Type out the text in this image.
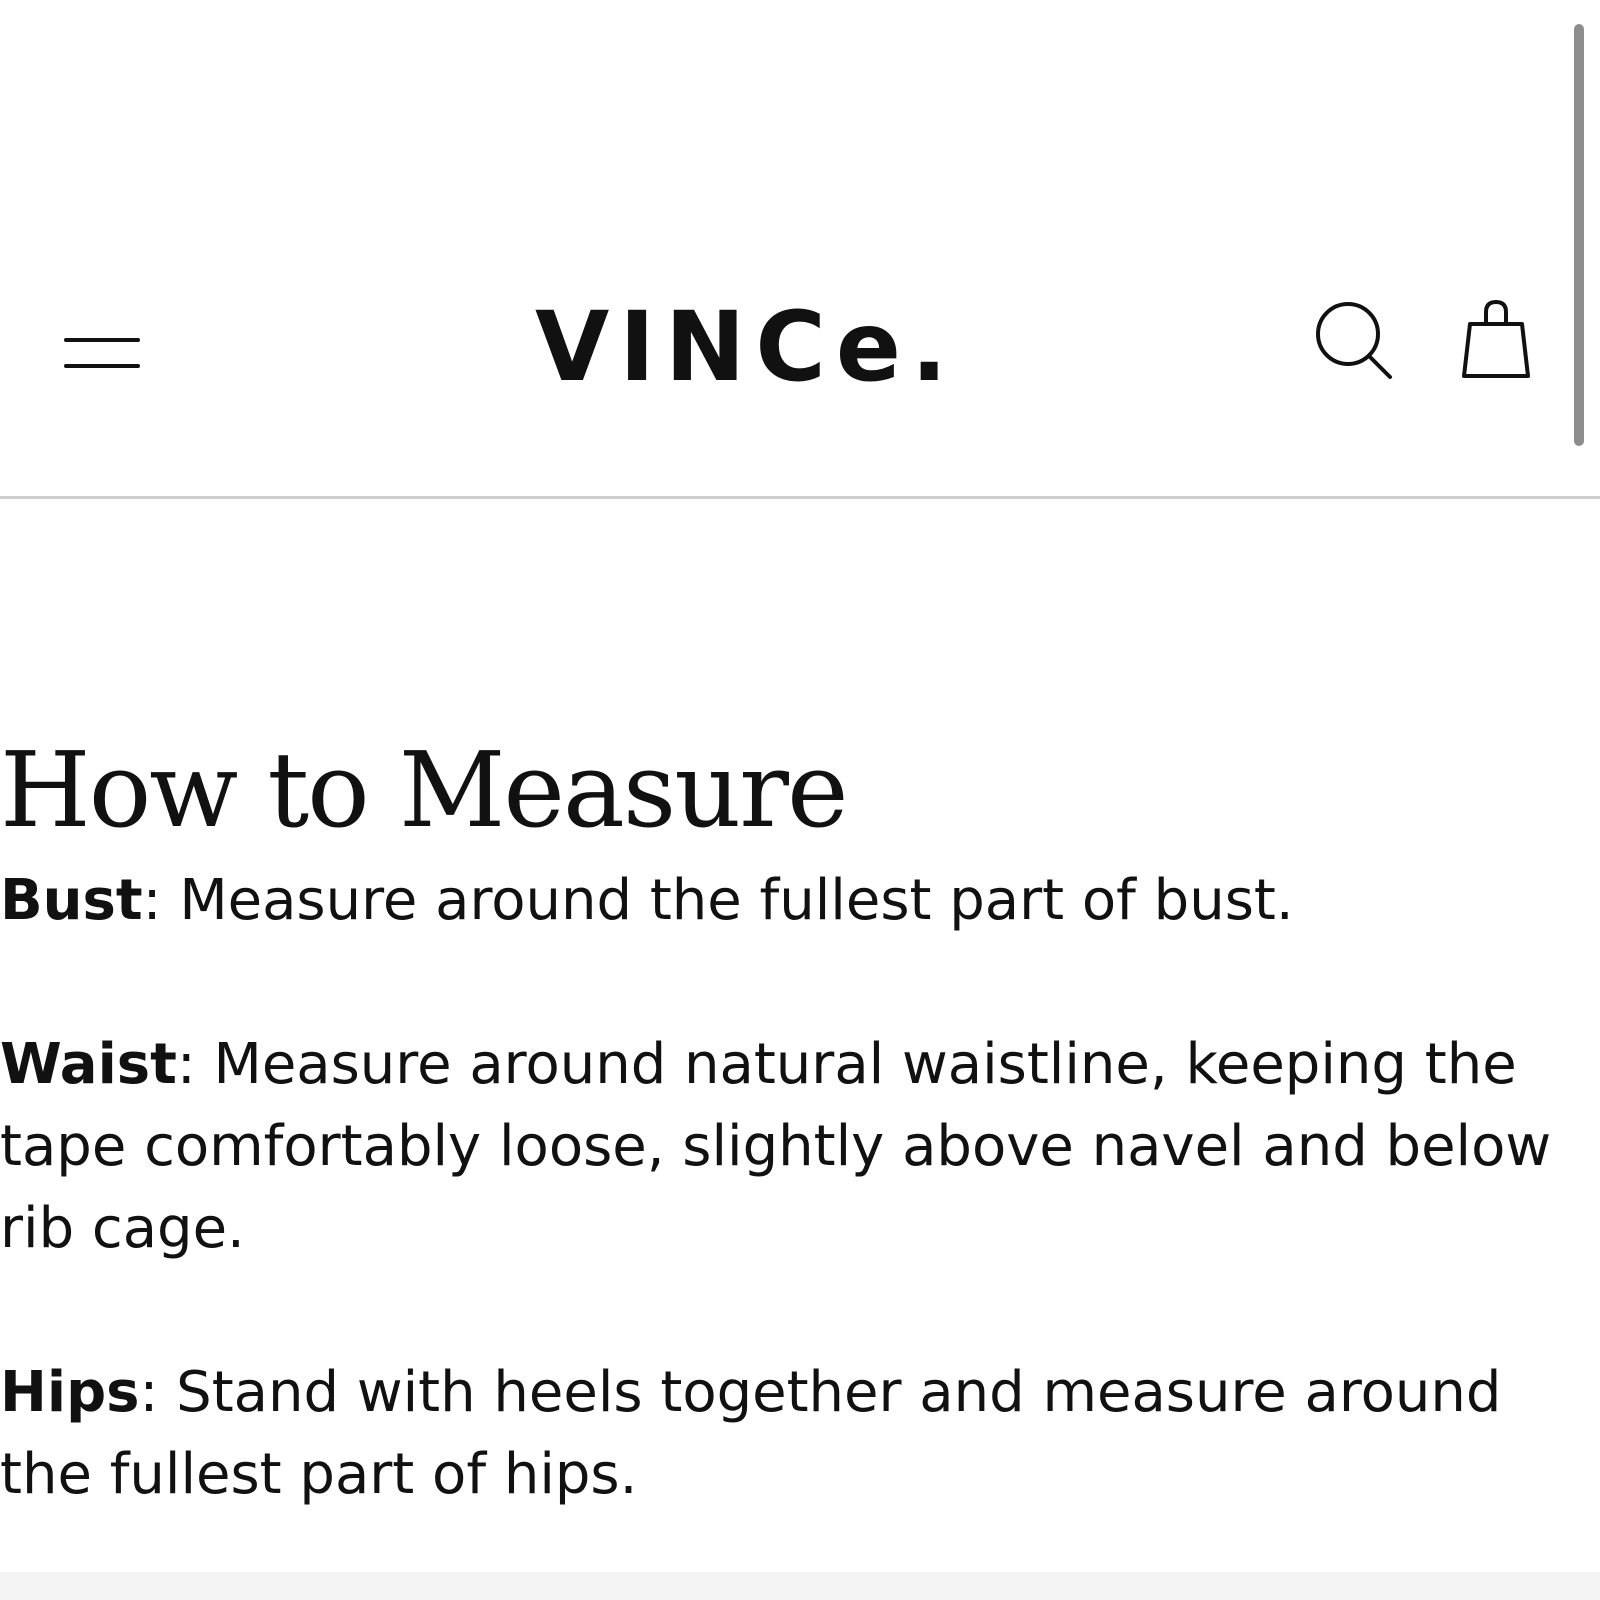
VINCe.
How to Measure
Bust: Measure around the fullest part of bust.
Waist: Measure around natural waistline, keeping the tape comfortably loose, slightly above navel and below rib cage.
Hips: Stand with heels together and measure around the fullest part of hips.
